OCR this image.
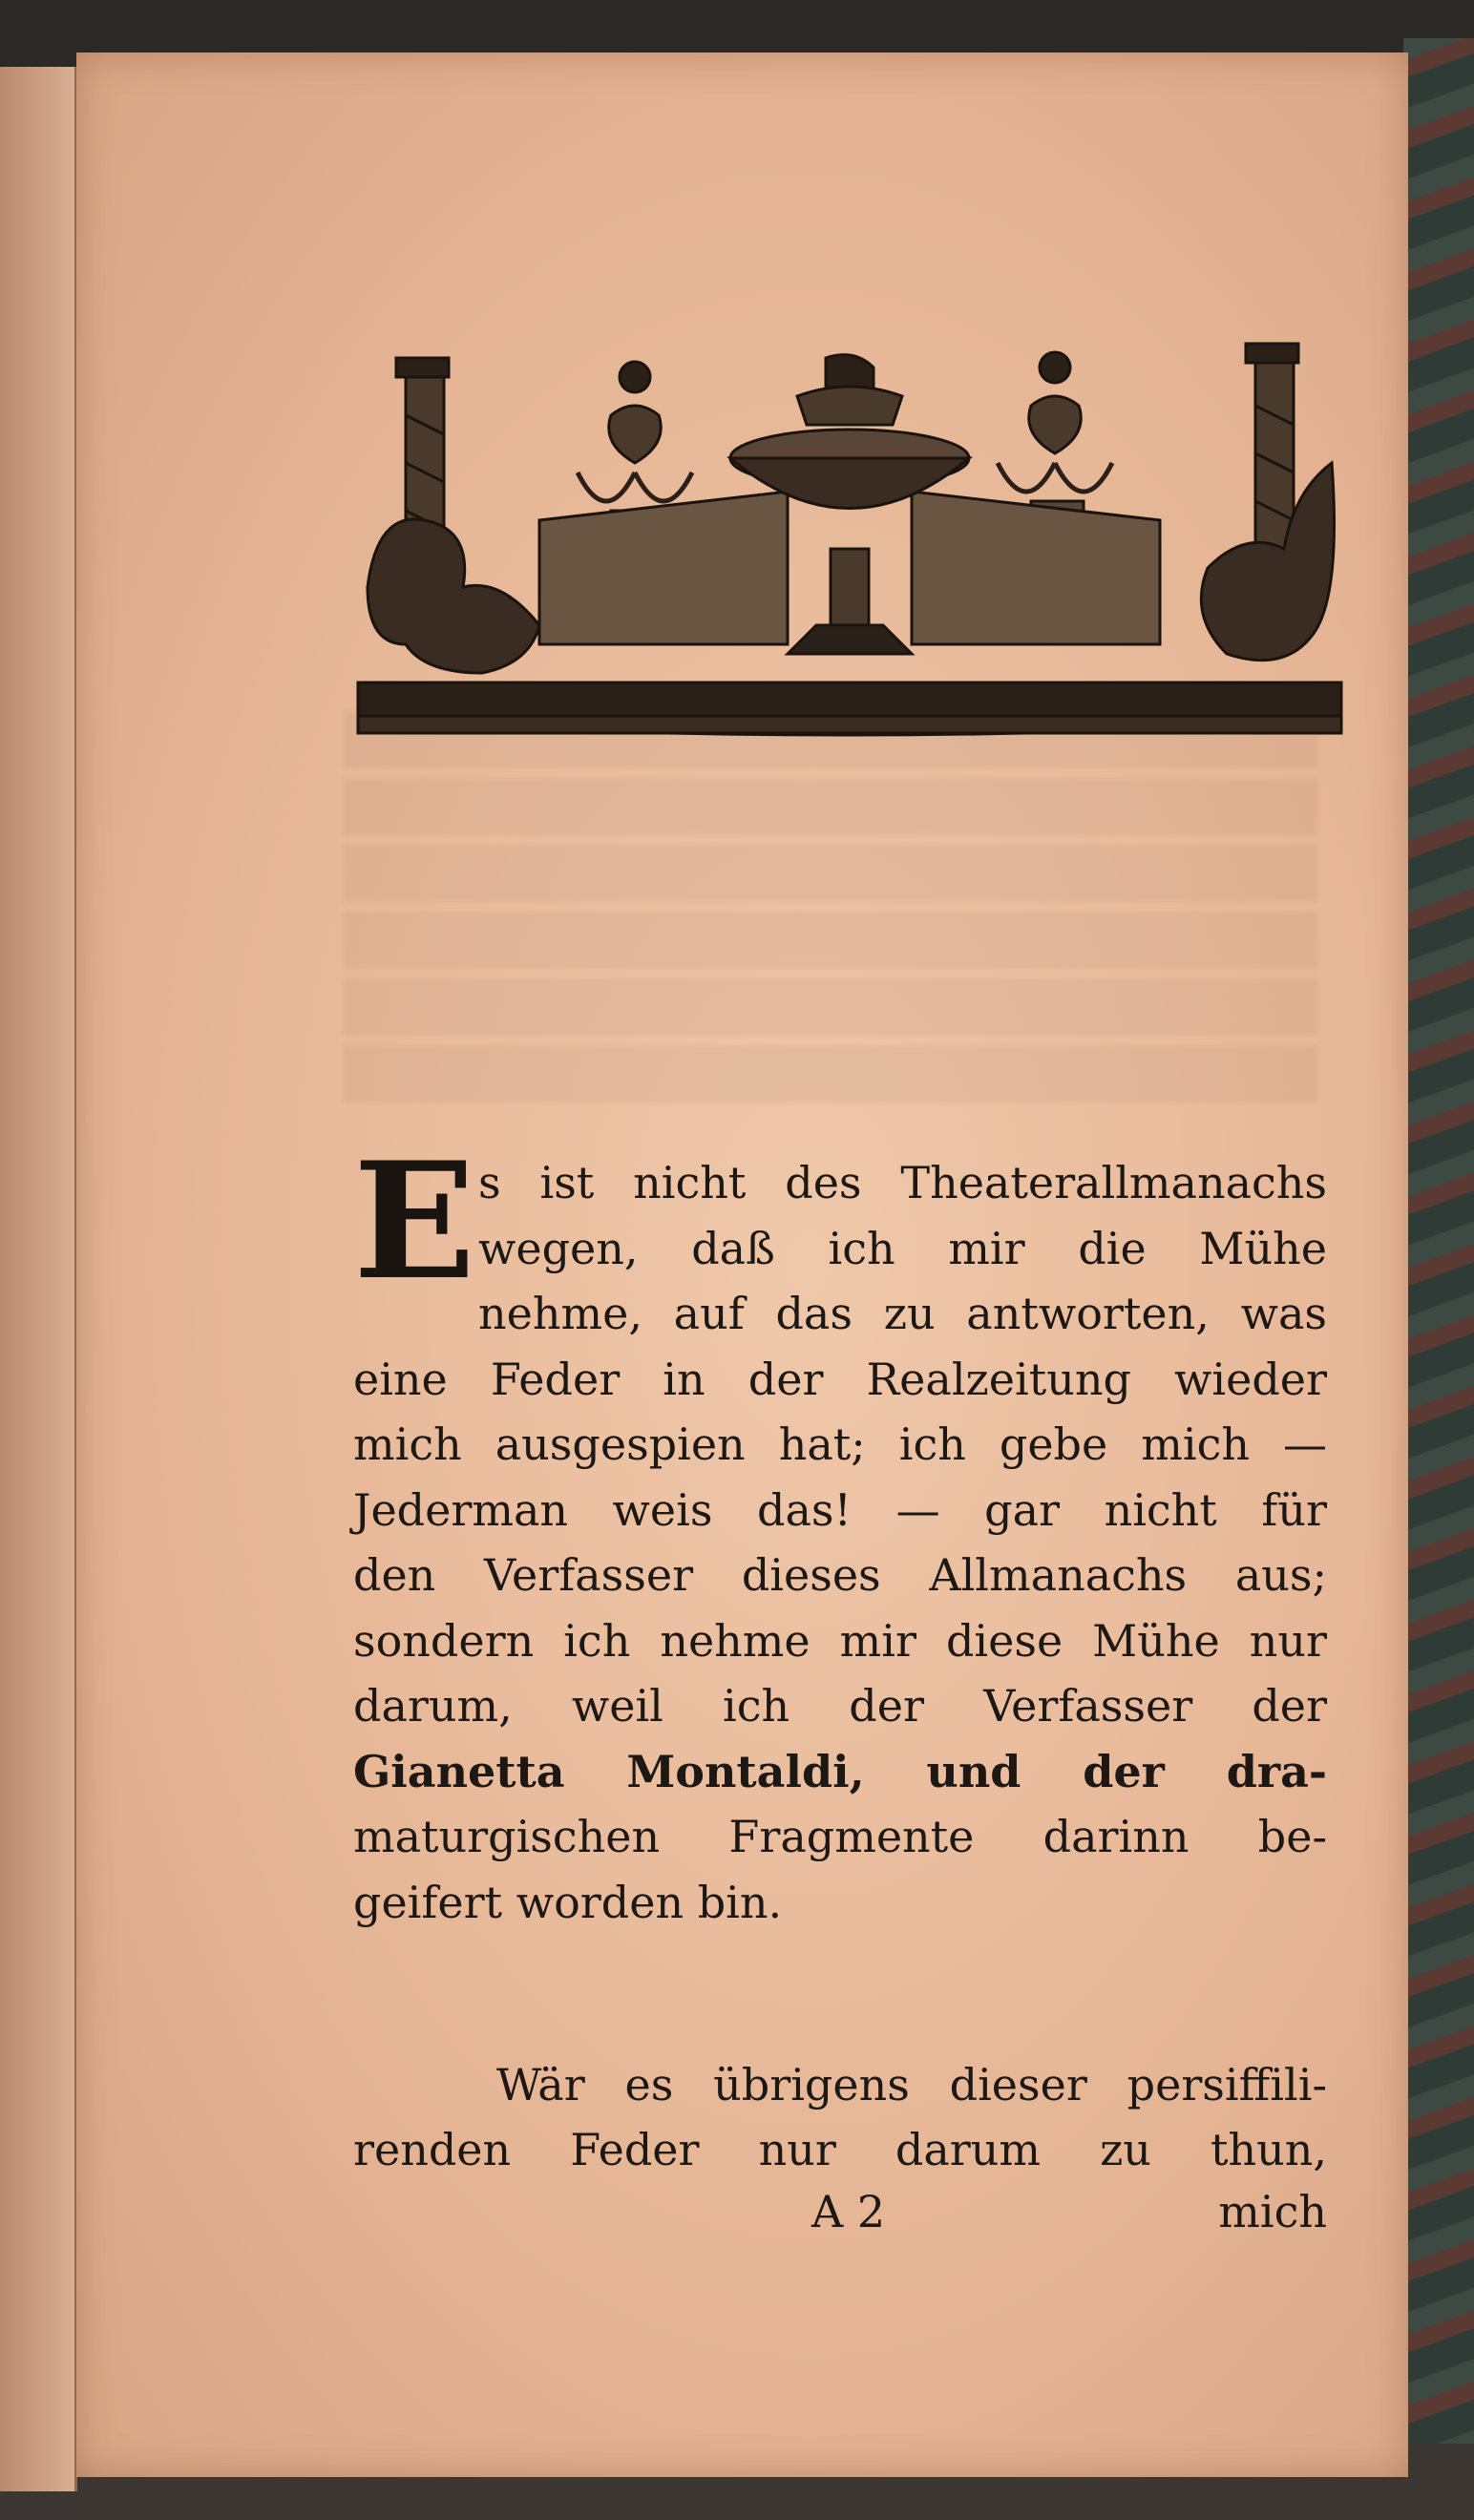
E s ist nicht des Theaterallmanachs
wegen, daß ich mir die Mühe
nehme, auf das zu antworten, was
eine Feder in der Realzeitung wieder
mich ausgespien hat; ich gebe mich —
Jederman weis das! — gar nicht für
den Verfasser dieses Allmanachs aus;
sondern ich nehme mir diese Mühe nur
darum, weil ich der Verfasser der
Gianetta Montaldi, und der dra-
maturgischen Fragmente darinn be-
geifert worden bin.
Wär es übrigens dieser persiffili-
renden Feder nur darum zu thun,
A 2	mich
